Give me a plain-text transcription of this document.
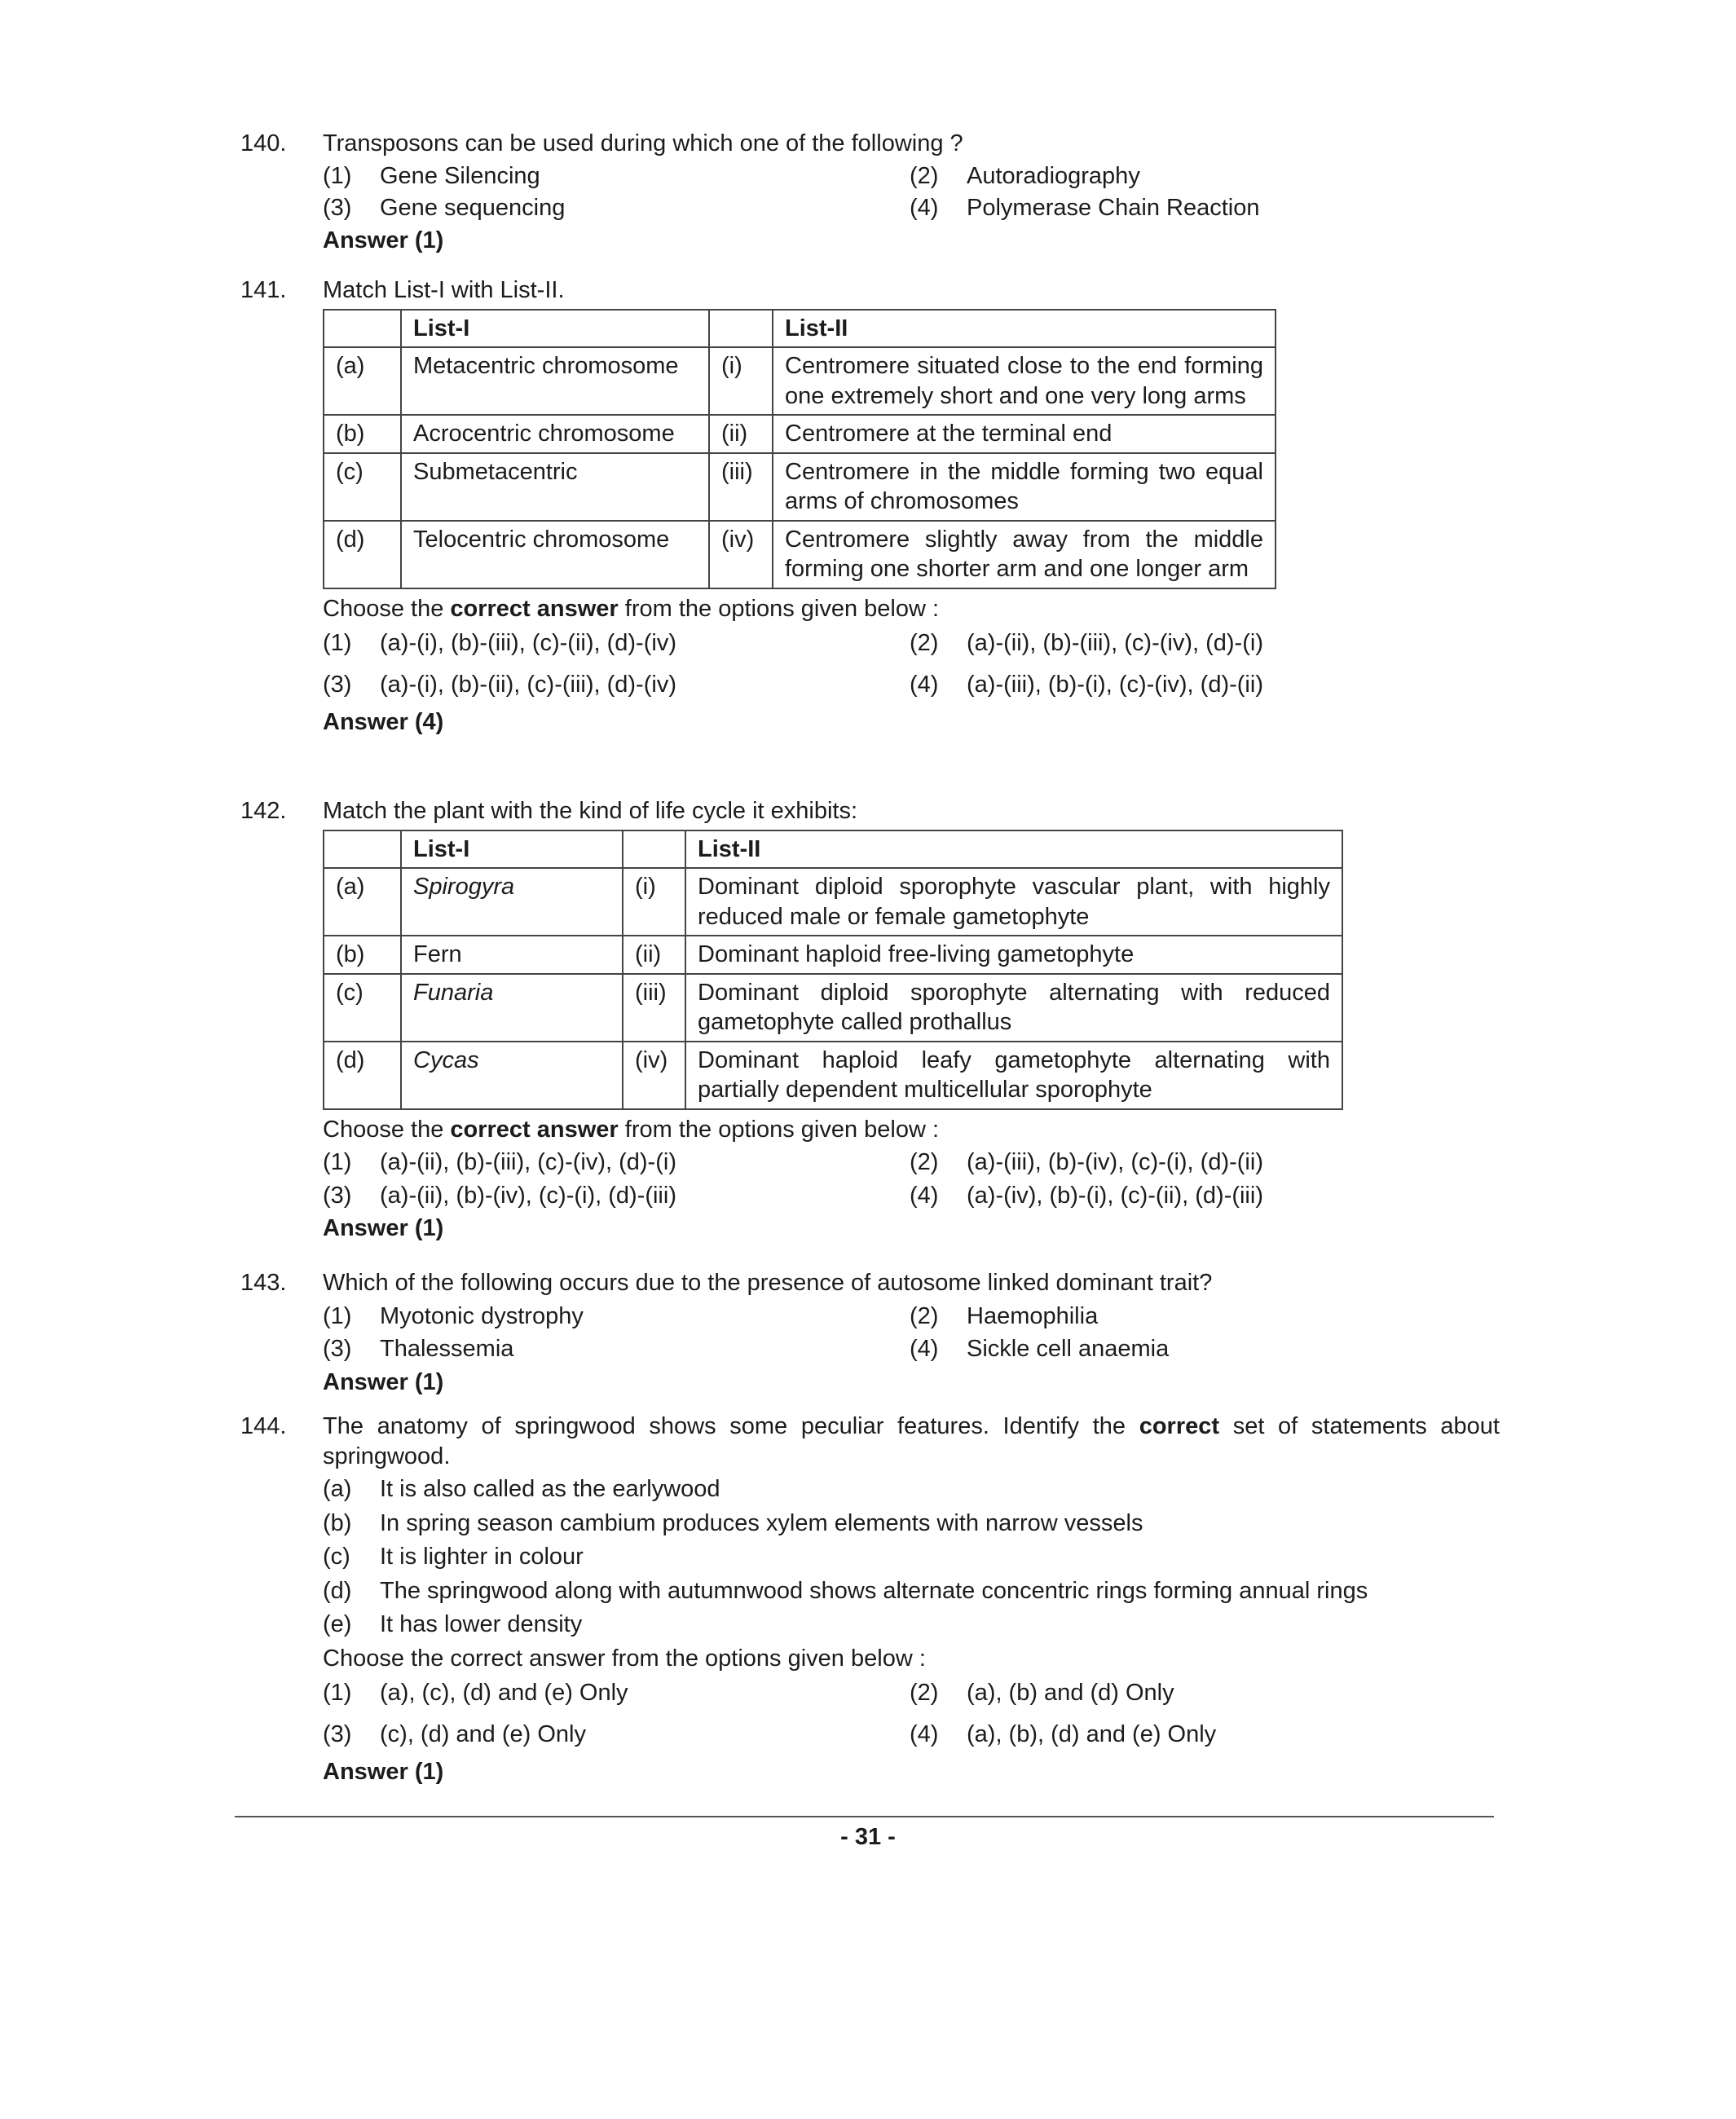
140.	Transposons can be used during which one of the following ?
(1)	Gene Silencing	(2)	Autoradiography
(3)	Gene sequencing	(4)	Polymerase Chain Reaction
Answer (1)
141.	Match List-I with List-II.
	List-I		List-II
(a)	Metacentric chromosome	(i)	Centromere situated close to the end forming one extremely short and one very long arms
(b)	Acrocentric chromosome	(ii)	Centromere at the terminal end
(c)	Submetacentric	(iii)	Centromere in the middle forming two equal arms of chromosomes
(d)	Telocentric chromosome	(iv)	Centromere slightly away from the middle forming one shorter arm and one longer arm
Choose the correct answer from the options given below :
(1)	(a)-(i), (b)-(iii), (c)-(ii), (d)-(iv)	(2)	(a)-(ii), (b)-(iii), (c)-(iv), (d)-(i)
(3)	(a)-(i), (b)-(ii), (c)-(iii), (d)-(iv)	(4)	(a)-(iii), (b)-(i), (c)-(iv), (d)-(ii)
Answer (4)
142.	Match the plant with the kind of life cycle it exhibits:
	List-I		List-II
(a)	Spirogyra	(i)	Dominant diploid sporophyte vascular plant, with highly reduced male or female gametophyte
(b)	Fern	(ii)	Dominant haploid free-living gametophyte
(c)	Funaria	(iii)	Dominant diploid sporophyte alternating with reduced gametophyte called prothallus
(d)	Cycas	(iv)	Dominant haploid leafy gametophyte alternating with partially dependent multicellular sporophyte
Choose the correct answer from the options given below :
(1)	(a)-(ii), (b)-(iii), (c)-(iv), (d)-(i)	(2)	(a)-(iii), (b)-(iv), (c)-(i), (d)-(ii)
(3)	(a)-(ii), (b)-(iv), (c)-(i), (d)-(iii)	(4)	(a)-(iv), (b)-(i), (c)-(ii), (d)-(iii)
Answer (1)
143.	Which of the following occurs due to the presence of autosome linked dominant trait?
(1)	Myotonic dystrophy	(2)	Haemophilia
(3)	Thalessemia	(4)	Sickle cell anaemia
Answer (1)
144.	The anatomy of springwood shows some peculiar features. Identify the correct set of statements about springwood.
(a)	It is also called as the earlywood
(b)	In spring season cambium produces xylem elements with narrow vessels
(c)	It is lighter in colour
(d)	The springwood along with autumnwood shows alternate concentric rings forming annual rings
(e)	It has lower density
Choose the correct answer from the options given below :
(1)	(a), (c), (d) and (e) Only	(2)	(a), (b) and (d) Only
(3)	(c), (d) and (e) Only	(4)	(a), (b), (d) and (e) Only
Answer (1)
- 31 -
